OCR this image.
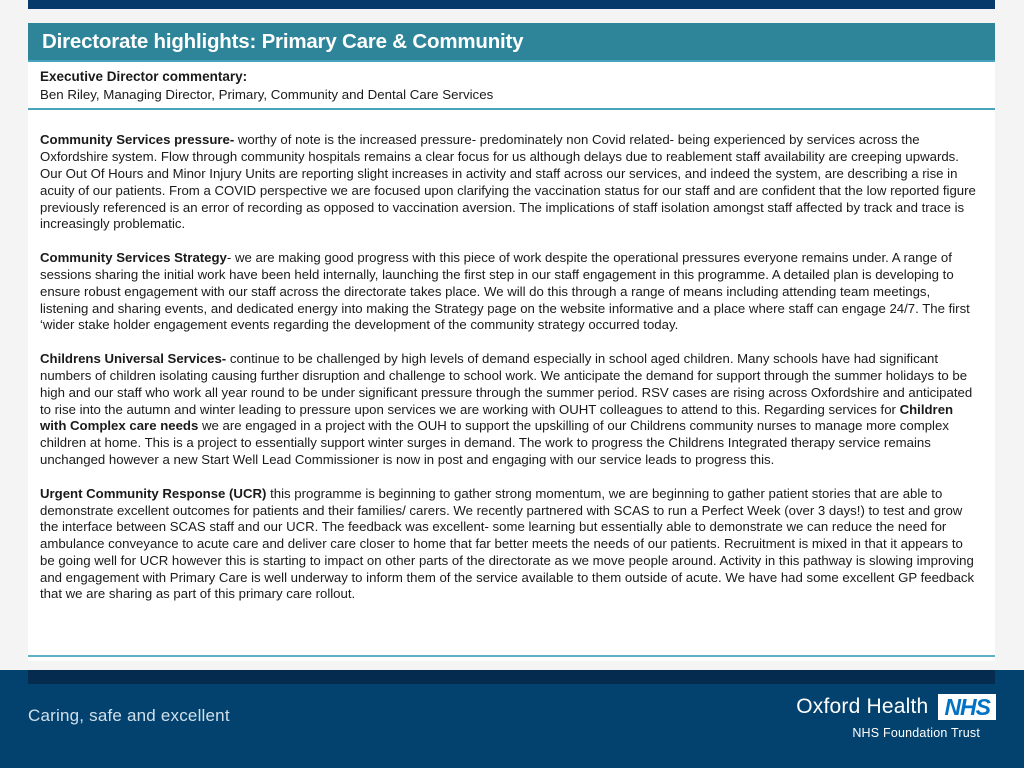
Directorate highlights: Primary Care & Community
Executive Director commentary:
Ben Riley, Managing Director, Primary, Community and Dental Care Services

Community Services pressure- worthy of note is the increased pressure- predominately non Covid related- being experienced by services across the Oxfordshire system. Flow through community hospitals remains a clear focus for us although delays due to reablement staff availability are creeping upwards. Our Out Of Hours and Minor Injury Units are reporting slight increases in activity and staff across our services, and indeed the system, are describing a rise in acuity of our patients. From a COVID perspective we are focused upon clarifying the vaccination status for our staff and are confident that the low reported figure previously referenced is an error of recording as opposed to vaccination aversion. The implications of staff isolation amongst staff affected by track and trace is increasingly problematic.

Community Services Strategy- we are making good progress with this piece of work despite the operational pressures everyone remains under. A range of sessions sharing the initial work have been held internally, launching the first step in our staff engagement in this programme. A detailed plan is developing to ensure robust engagement with our staff across the directorate takes place. We will do this through a range of means including attending team meetings, listening and sharing events, and dedicated energy into making the Strategy page on the website informative and a place where staff can engage 24/7. The first ‘wider stake holder engagement events regarding the development of the community strategy occurred today.

Childrens Universal Services- continue to be challenged by high levels of demand especially in school aged children. Many schools have had significant numbers of children isolating causing further disruption and challenge to school work. We anticipate the demand for support through the summer holidays to be high and our staff who work all year round to be under significant pressure through the summer period. RSV cases are rising across Oxfordshire and anticipated to rise into the autumn and winter leading to pressure upon services we are working with OUHT colleagues to attend to this. Regarding services for Children with Complex care needs we are engaged in a project with the OUH to support the upskilling of our Childrens community nurses to manage more complex children at home. This is a project to essentially support winter surges in demand. The work to progress the Childrens Integrated therapy service remains unchanged however a new Start Well Lead Commissioner is now in post and engaging with our service leads to progress this.

Urgent Community Response (UCR) this programme is beginning to gather strong momentum, we are beginning to gather patient stories that are able to demonstrate excellent outcomes for patients and their families/ carers. We recently partnered with SCAS to run a Perfect Week (over 3 days!) to test and grow the interface between SCAS staff and our UCR. The feedback was excellent- some learning but essentially able to demonstrate we can reduce the need for ambulance conveyance to acute care and deliver care closer to home that far better meets the needs of our patients. Recruitment is mixed in that it appears to be going well for UCR however this is starting to impact on other parts of the directorate as we move people around. Activity in this pathway is slowing improving and engagement with Primary Care is well underway to inform them of the service available to them outside of acute. We have had some excellent GP feedback that we are sharing as part of this primary care rollout.

Caring, safe and excellent	Oxford Health NHS
NHS Foundation Trust
